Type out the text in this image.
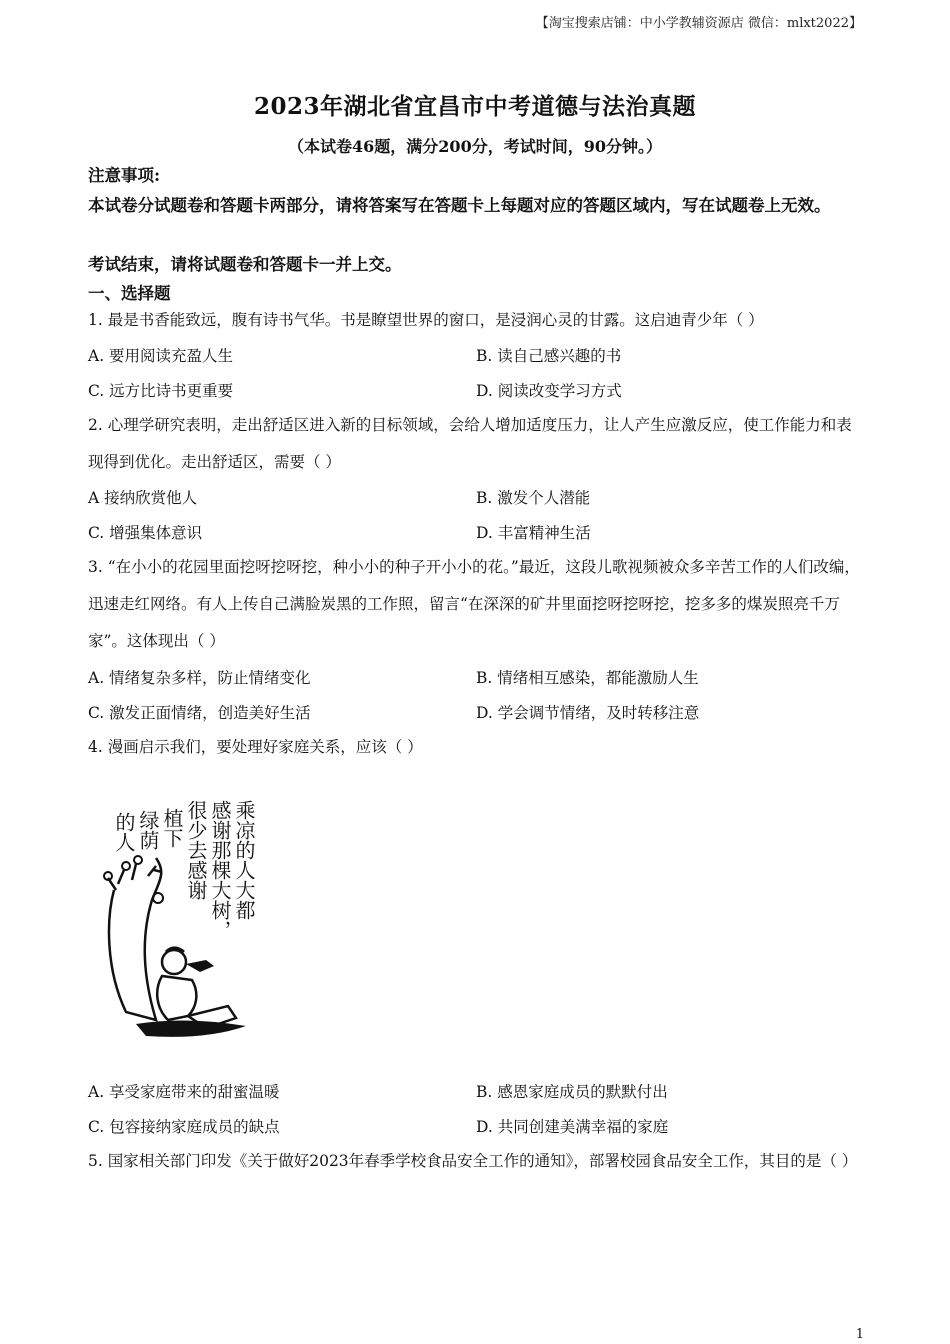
【淘宝搜索店铺：中小学教辅资源店 微信：mlxt2022】
2023年湖北省宜昌市中考道德与法治真题
（本试卷46题，满分200分，考试时间，90分钟。）
注意事项:
本试卷分试题卷和答题卡两部分，请将答案写在答题卡上每题对应的答题区域内，写在试题卷上无效。
考试结束，请将试题卷和答题卡一并上交。
一、选择题
1. 最是书香能致远，腹有诗书气华。书是瞭望世界的窗口，是浸润心灵的甘露。这启迪青少年（ ）
A. 要用阅读充盈人生	B. 读自己感兴趣的书
C. 远方比诗书更重要	D. 阅读改变学习方式
2. 心理学研究表明，走出舒适区进入新的目标领域，会给人增加适度压力，让人产生应激反应，使工作能力和表现得到优化。走出舒适区，需要（ ）
A 接纳欣赏他人	B. 激发个人潜能
C. 增强集体意识	D. 丰富精神生活
3. “在小小的花园里面挖呀挖呀挖，种小小的种子开小小的花。”最近，这段儿歌视频被众多辛苦工作的人们改编，迅速走红网络。有人上传自己满脸炭黑的工作照，留言“在深深的矿井里面挖呀挖呀挖，挖多多的煤炭照亮千万家”。这体现出（ ）
A. 情绪复杂多样，防止情绪变化	B. 情绪相互感染，都能激励人生
C. 激发正面情绪，创造美好生活	D. 学会调节情绪，及时转移注意
4. 漫画启示我们，要处理好家庭关系，应该（ ）
乘凉的人大都
感谢那棵大树，
很少去感谢
植下
绿荫
的人
A. 享受家庭带来的甜蜜温暖	B. 感恩家庭成员的默默付出
C. 包容接纳家庭成员的缺点	D. 共同创建美满幸福的家庭
5. 国家相关部门印发《关于做好2023年春季学校食品安全工作的通知》，部署校园食品安全工作，其目的是（ ）
1
